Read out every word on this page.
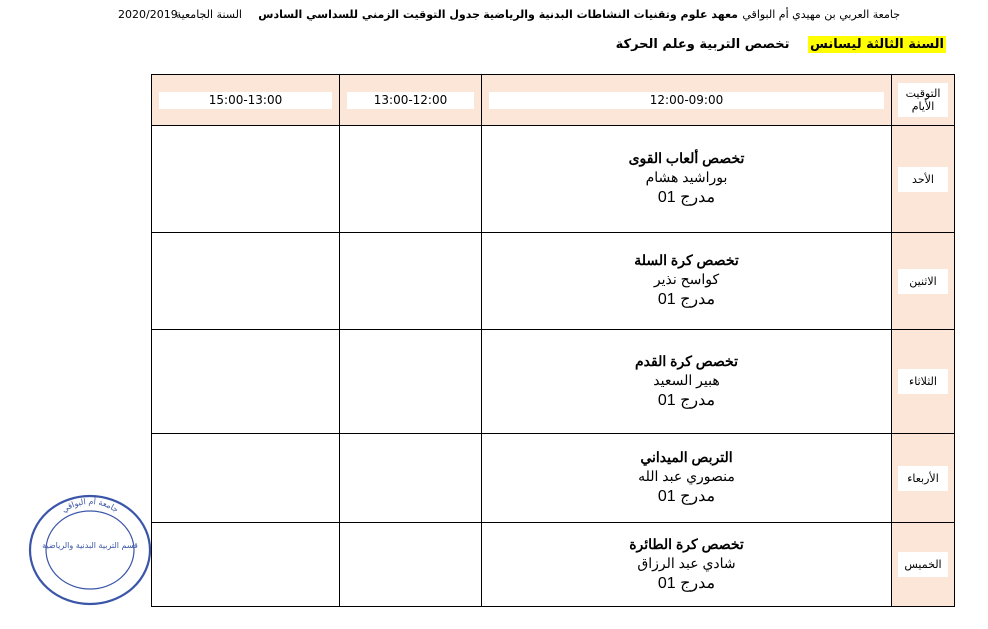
جامعة العربي بن مهيدي أم البواقي
معهد علوم وتقنيات النشاطات البدنية والرياضية
جدول التوقيت الزمني للسداسي السادس
السنة الجامعية
2020/2019
السنة الثالثة ليسانس تخصص التربية وعلم الحركة
15:00-13:00	13:00-12:00	12:00-09:00	التوقيت
الأيام

		تخصص ألعاب القوى
بوراشيد هشام
مدرج 01	الأحد

		تخصص كرة السلة
كواسح نذير
مدرج 01	الاثنين

		تخصص كرة القدم
هبير السعيد
مدرج 01	الثلاثاء

		التربص الميداني
منصوري عبد الله
مدرج 01	الأربعاء

		تخصص كرة الطائرة
شادي عبد الرزاق
مدرج 01	الخميس
جامعة أم البواقي
قسم التربية البدنية والرياضية
